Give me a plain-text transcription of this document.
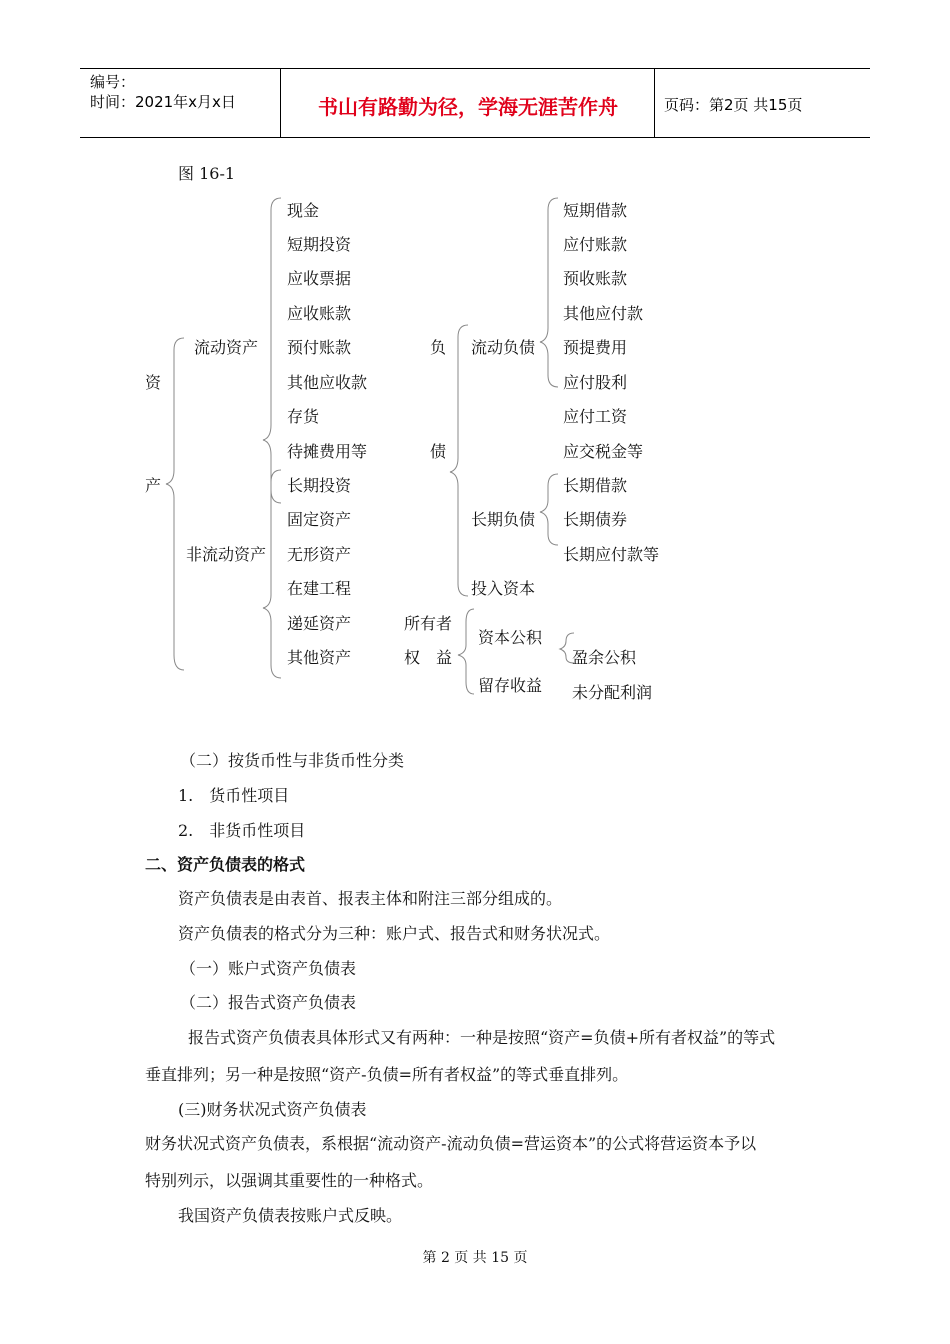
编号：
时间：2021年x月x日	书山有路勤为径，学海无涯苦作舟	页码：第2页 共15页
图 16-1
资
产
流动资产
非流动资产
现金
短期投资
应收票据
应收账款
预付账款
其他应收款
存货
待摊费用等
长期投资
固定资产
无形资产
在建工程
递延资产
其他资产
负
债
流动负债
长期负债
投入资本
短期借款
应付账款
预收账款
其他应付款
预提费用
应付股利
应付工资
应交税金等
长期借款
长期债券
长期应付款等
所有者
权　益
资本公积
留存收益
盈余公积
未分配利润
（二）按货币性与非货币性分类
1.　货币性项目
2.　非货币性项目
二、资产负债表的格式
资产负债表是由表首、报表主体和附注三部分组成的。
资产负债表的格式分为三种：账户式、报告式和财务状况式。
（一）账户式资产负债表
（二）报告式资产负债表
报告式资产负债表具体形式又有两种：一种是按照“资产=负债+所有者权益”的等式
垂直排列；另一种是按照“资产-负债=所有者权益”的等式垂直排列。
(三)财务状况式资产负债表
财务状况式资产负债表，系根据“流动资产-流动负债=营运资本”的公式将营运资本予以
特别列示，以强调其重要性的一种格式。
我国资产负债表按账户式反映。
第 2 页 共 15 页
